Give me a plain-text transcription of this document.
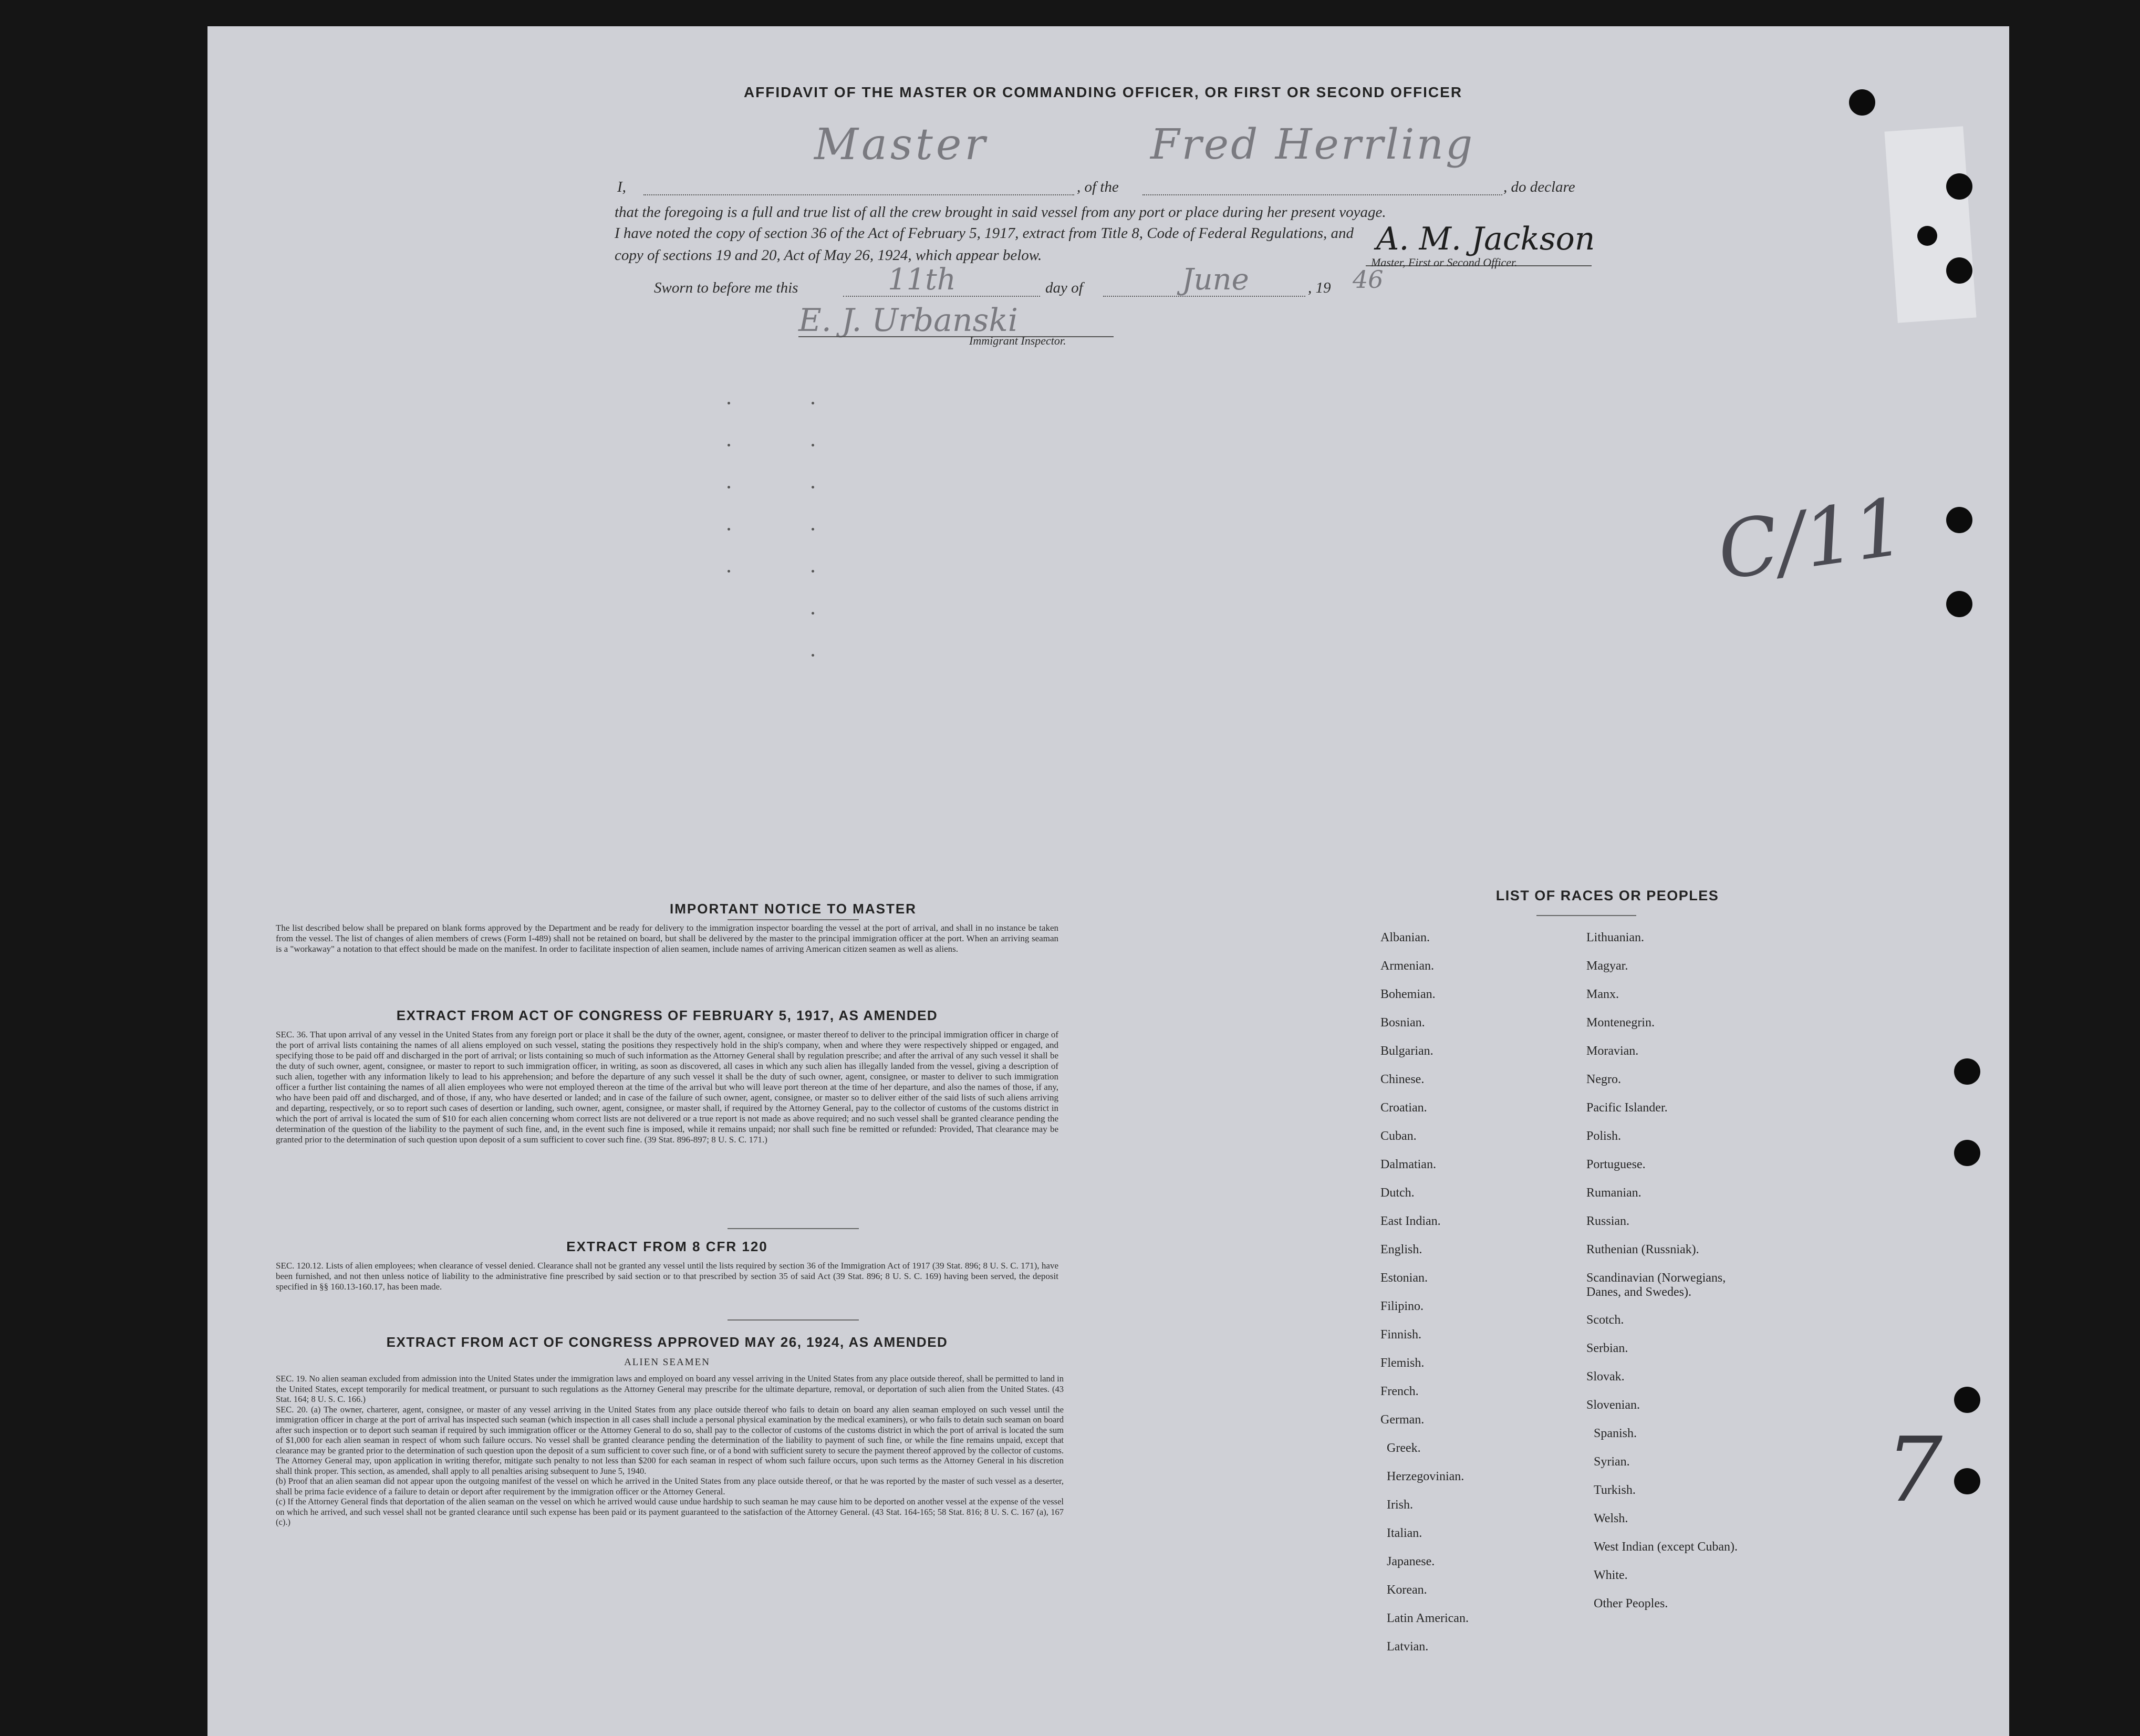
AFFIDAVIT OF THE MASTER OR COMMANDING OFFICER, OR FIRST OR SECOND OFFICER
I,
Master
, of the
Fred Herrling
, do declare
that the foregoing is a full and true list of all the crew brought in said vessel from any port or place during her present voyage.
I have noted the copy of section 36 of the Act of February 5, 1917, extract from Title 8, Code of Federal Regulations, and
copy of sections 19 and 20, Act of May 26, 1924, which appear below.	A. M. Jackson
Master, First or Second Officer.
Sworn to before me this	11th	day of	June	, 19 46
E. J. Urbanski
Immigrant Inspector.
C/11
7
IMPORTANT NOTICE TO MASTER
The list described below shall be prepared on blank forms approved by the Department and be ready for delivery to the immigration inspector boarding the vessel at the port of arrival, and shall in no instance be taken from the vessel. The list of changes of alien members of crews (Form I-489) shall not be retained on board, but shall be delivered by the master to the principal immigration officer at the port. When an arriving seaman is a "workaway" a notation to that effect should be made on the manifest. In order to facilitate inspection of alien seamen, include names of arriving American citizen seamen as well as aliens.
EXTRACT FROM ACT OF CONGRESS OF FEBRUARY 5, 1917, AS AMENDED
SEC. 36. That upon arrival of any vessel in the United States from any foreign port or place it shall be the duty of the owner, agent, consignee, or master thereof to deliver to the principal immigration officer in charge of the port of arrival lists containing the names of all aliens employed on such vessel, stating the positions they respectively hold in the ship's company, when and where they were respectively shipped or engaged, and specifying those to be paid off and discharged in the port of arrival; or lists containing so much of such information as the Attorney General shall by regulation prescribe; and after the arrival of any such vessel it shall be the duty of such owner, agent, consignee, or master to report to such immigration officer, in writing, as soon as discovered, all cases in which any such alien has illegally landed from the vessel, giving a description of such alien, together with any information likely to lead to his apprehension; and before the departure of any such vessel it shall be the duty of such owner, agent, consignee, or master to deliver to such immigration officer a further list containing the names of all alien employees who were not employed thereon at the time of the arrival but who will leave port thereon at the time of her departure, and also the names of those, if any, who have been paid off and discharged, and of those, if any, who have deserted or landed; and in case of the failure of such owner, agent, consignee, or master so to deliver either of the said lists of such aliens arriving and departing, respectively, or so to report such cases of desertion or landing, such owner, agent, consignee, or master shall, if required by the Attorney General, pay to the collector of customs of the customs district in which the port of arrival is located the sum of $10 for each alien concerning whom correct lists are not delivered or a true report is not made as above required; and no such vessel shall be granted clearance pending the determination of the question of the liability to the payment of such fine, and, in the event such fine is imposed, while it remains unpaid; nor shall such fine be remitted or refunded: Provided, That clearance may be granted prior to the determination of such question upon deposit of a sum sufficient to cover such fine. (39 Stat. 896-897; 8 U. S. C. 171.)
EXTRACT FROM 8 CFR 120
SEC. 120.12. Lists of alien employees; when clearance of vessel denied. Clearance shall not be granted any vessel until the lists required by section 36 of the Immigration Act of 1917 (39 Stat. 896; 8 U. S. C. 171), have been furnished, and not then unless notice of liability to the administrative fine prescribed by said section or to that prescribed by section 35 of said Act (39 Stat. 896; 8 U. S. C. 169) having been served, the deposit specified in §§ 160.13-160.17, has been made.
EXTRACT FROM ACT OF CONGRESS APPROVED MAY 26, 1924, AS AMENDED
ALIEN SEAMEN
SEC. 19. No alien seaman excluded from admission into the United States under the immigration laws and employed on board any vessel arriving in the United States from any place outside thereof, shall be permitted to land in the United States, except temporarily for medical treatment, or pursuant to such regulations as the Attorney General may prescribe for the ultimate departure, removal, or deportation of such alien from the United States. (43 Stat. 164; 8 U. S. C. 166.)
SEC. 20. (a) The owner, charterer, agent, consignee, or master of any vessel arriving in the United States from any place outside thereof who fails to detain on board any alien seaman employed on such vessel until the immigration officer in charge at the port of arrival has inspected such seaman (which inspection in all cases shall include a personal physical examination by the medical examiners), or who fails to detain such seaman on board after such inspection or to deport such seaman if required by such immigration officer or the Attorney General to do so, shall pay to the collector of customs of the customs district in which the port of arrival is located the sum of $1,000 for each alien seaman in respect of whom such failure occurs. No vessel shall be granted clearance pending the determination of the liability to payment of such fine, or while the fine remains unpaid, except that clearance may be granted prior to the determination of such question upon the deposit of a sum sufficient to cover such fine, or of a bond with sufficient surety to secure the payment thereof approved by the collector of customs. The Attorney General may, upon application in writing therefor, mitigate such penalty to not less than $200 for each seaman in respect of whom such failure occurs, upon such terms as the Attorney General in his discretion shall think proper. This section, as amended, shall apply to all penalties arising subsequent to June 5, 1940.
(b) Proof that an alien seaman did not appear upon the outgoing manifest of the vessel on which he arrived in the United States from any place outside thereof, or that he was reported by the master of such vessel as a deserter, shall be prima facie evidence of a failure to detain or deport after requirement by the immigration officer or the Attorney General.
(c) If the Attorney General finds that deportation of the alien seaman on the vessel on which he arrived would cause undue hardship to such seaman he may cause him to be deported on another vessel at the expense of the vessel on which he arrived, and such vessel shall not be granted clearance until such expense has been paid or its payment guaranteed to the satisfaction of the Attorney General. (43 Stat. 164-165; 58 Stat. 816; 8 U. S. C. 167 (a), 167 (c).)
LIST OF RACES OR PEOPLES
Albanian.
Armenian.
Bohemian.
Bosnian.
Bulgarian.
Chinese.
Croatian.
Cuban.
Dalmatian.
Dutch.
East Indian.
English.
Estonian.
Filipino.
Finnish.
Flemish.
French.
German.
Greek.
Herzegovinian.
Irish.
Italian.
Japanese.
Korean.
Latin American.
Latvian.
Lithuanian.
Magyar.
Manx.
Montenegrin.
Moravian.
Negro.
Pacific Islander.
Polish.
Portuguese.
Rumanian.
Russian.
Ruthenian (Russniak).
Scandinavian (Norwegians,
Danes, and Swedes).
Scotch.
Serbian.
Slovak.
Slovenian.
Spanish.
Syrian.
Turkish.
Welsh.
West Indian (except Cuban).
White.
Other Peoples.
